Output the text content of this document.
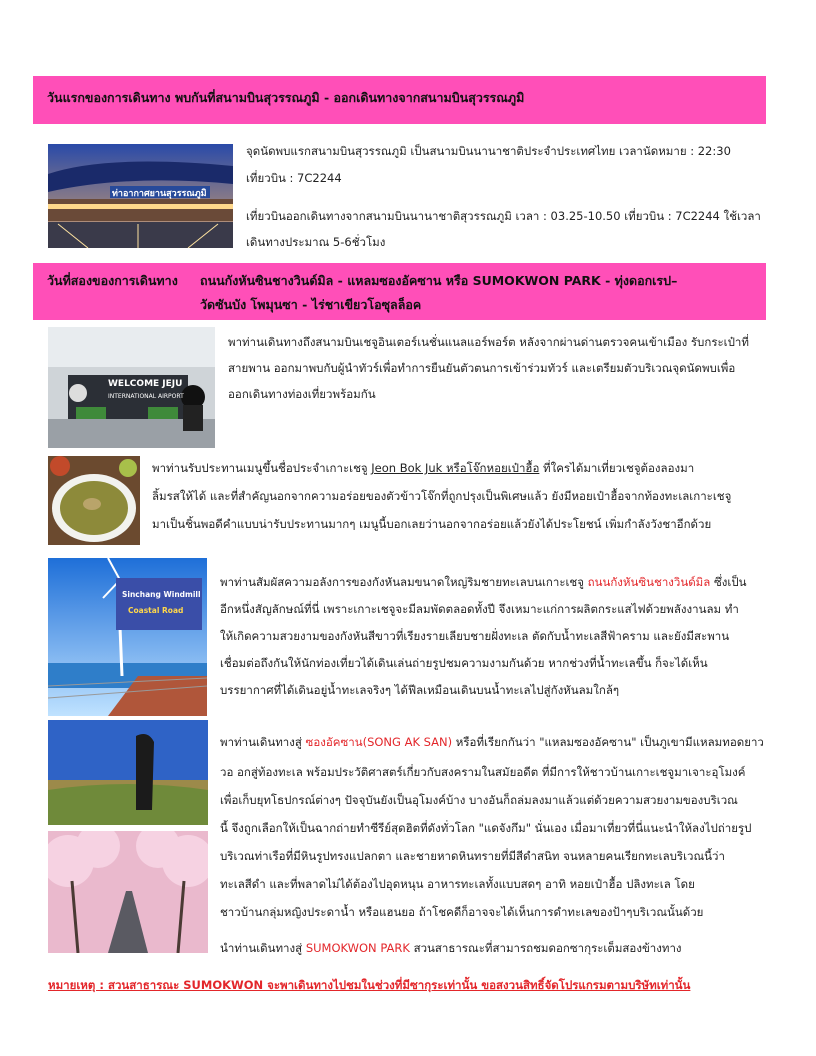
วันแรกของการเดินทาง พบกันที่สนามบินสุวรรณภูมิ - ออกเดินทางจากสนามบินสุวรรณภูมิ
ท่าอากาศยานสุวรรณภูมิ
จุดนัดพบแรกสนามบินสุวรรณภูมิ เป็นสนามบินนานาชาติประจำประเทศไทย เวลานัดหมาย : 22:30
เที่ยวบิน : 7C2244
เที่ยวบินออกเดินทางจากสนามบินนานาชาติสุวรรณภูมิ เวลา : 03.25-10.50 เที่ยวบิน : 7C2244 ใช้เวลา
เดินทางประมาณ 5-6ชั่วโมง
วันที่สองของการเดินทาง ถนนกังหันซินชางวินด์มิล - แหลมซองอัคซาน หรือ SUMOKWON PARK - ทุ่งดอกเรป–
วัดซันบัง โพมุนซา - ไร่ชาเขียวโอซุลล็อค
WELCOME JEJU
INTERNATIONAL AIRPORT
พาท่านเดินทางถึงสนามบินเชจูอินเตอร์เนชั่นแนลแอร์พอร์ต หลังจากผ่านด่านตรวจคนเข้าเมือง รับกระเป๋าที่
สายพาน ออกมาพบกับผู้นำทัวร์เพื่อทำการยืนยันตัวตนการเข้าร่วมทัวร์ และเตรียมตัวบริเวณจุดนัดพบเพื่อ
ออกเดินทางท่องเที่ยวพร้อมกัน
พาท่านรับประทานเมนูขึ้นชื่อประจำเกาะเชจู Jeon Bok Juk หรือโจ๊กหอยเป๋าฮื้อ ที่ใครได้มาเที่ยวเชจูต้องลองมา
ลิ้มรสให้ได้ และที่สำคัญนอกจากความอร่อยของตัวข้าวโจ๊กที่ถูกปรุงเป็นพิเศษแล้ว ยังมีหอยเป๋าฮื้อจากท้องทะเลเกาะเชจู
มาเป็นชิ้นพอดีคำแบบน่ารับประทานมากๆ เมนูนี้บอกเลยว่านอกจากอร่อยแล้วยังได้ประโยชน์ เพิ่มกำลังวังชาอีกด้วย
Sinchang Windmill
Coastal Road
พาท่านสัมผัสความอลังการของกังหันลมขนาดใหญ่ริมชายทะเลบนเกาะเชจู ถนนกังหันซินชางวินด์มิล ซึ่งเป็น
อีกหนึ่งสัญลักษณ์ที่นี่ เพราะเกาะเชจูจะมีลมพัดตลอดทั้งปี จึงเหมาะแก่การผลิตกระแสไฟด้วยพลังงานลม ทำ
ให้เกิดความสวยงามของกังหันสีขาวที่เรียงรายเลียบชายฝั่งทะเล ตัดกับน้ำทะเลสีฟ้าคราม และยังมีสะพาน
เชื่อมต่อถึงกันให้นักท่องเที่ยวได้เดินเล่นถ่ายรูปชมความงามกันด้วย หากช่วงที่น้ำทะเลขึ้น ก็จะได้เห็น
บรรยากาศที่ได้เดินอยู่น้ำทะเลจริงๆ ได้ฟีลเหมือนเดินบนน้ำทะเลไปสู่กังหันลมใกล้ๆ
พาท่านเดินทางสู่ ซองอัคซาน(SONG AK SAN) หรือที่เรียกกันว่า "แหลมซองอัคซาน" เป็นภูเขามีแหลมทอดยาว
วอ อกสู่ท้องทะเล พร้อมประวัติศาสตร์เกี่ยวกับสงครามในสมัยอดีต ที่มีการให้ชาวบ้านเกาะเชจูมาเจาะอุโมงค์
เพื่อเก็บยุทโธปกรณ์ต่างๆ ปัจจุบันยังเป็นอุโมงค์บ้าง บางอันก็ถล่มลงมาแล้วแต่ด้วยความสวยงามของบริเวณ
นี้ จึงถูกเลือกให้เป็นฉากถ่ายทำซีรีย์สุดฮิตที่ดังทั่วโลก "แดจังกึม" นั่นเอง เมื่อมาเที่ยวที่นี่แนะนำให้ลงไปถ่ายรูป
บริเวณท่าเรือที่มีหินรูปทรงแปลกตา และชายหาดหินทรายที่มีสีดำสนิท จนหลายคนเรียกทะเลบริเวณนี้ว่า
ทะเลสีดำ และที่พลาดไม่ได้ต้องไปอุดหนุน อาหารทะเลทั้งแบบสดๆ อาทิ หอยเป๋าฮื้อ ปลิงทะเล โดย
ชาวบ้านกลุ่มหญิงประดาน้ำ หรือแฮนยอ ถ้าโชคดีก็อาจจะได้เห็นการดำทะเลของป้าๆบริเวณนั้นด้วย
นำท่านเดินทางสู่ SUMOKWON PARK สวนสาธารณะที่สามารถชมดอกซากุระเต็มสองข้างทาง
หมายเหตุ : สวนสาธารณะ SUMOKWON จะพาเดินทางไปชมในช่วงที่มีซากุระเท่านั้น ขอสงวนสิทธิ์จัดโปรแกรมตามบริษัทเท่านั้น
